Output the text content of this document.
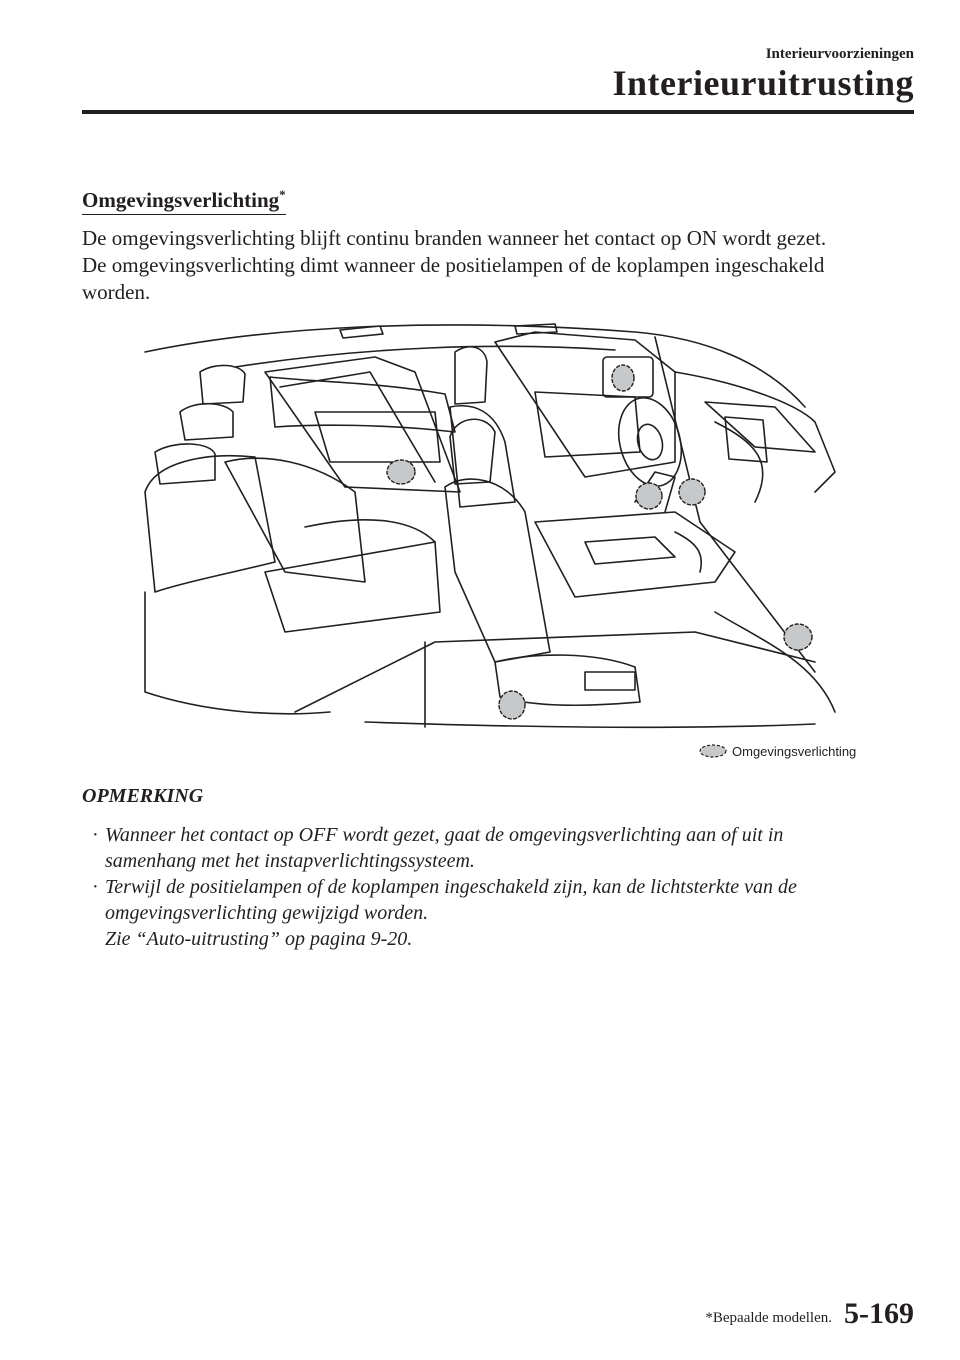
Interieurvoorzieningen
Interieuruitrusting
Omgevingsverlichting*

De omgevingsverlichting blijft continu branden wanneer het contact op ON wordt gezet.

De omgevingsverlichting dimt wanneer de positielampen of de koplampen ingeschakeld

worden.

Omgevingsverlichting
OPMERKING
· Wanneer het contact op OFF wordt gezet, gaat de omgevingsverlichting aan of uit in
samenhang met het instapverlichtingssysteem.
· Terwijl de positielampen of de koplampen ingeschakeld zijn, kan de lichtsterkte van de
omgevingsverlichting gewijzigd worden.
Zie “Auto-uitrusting” op pagina 9-20.
*Bepaalde modellen. 5-169
